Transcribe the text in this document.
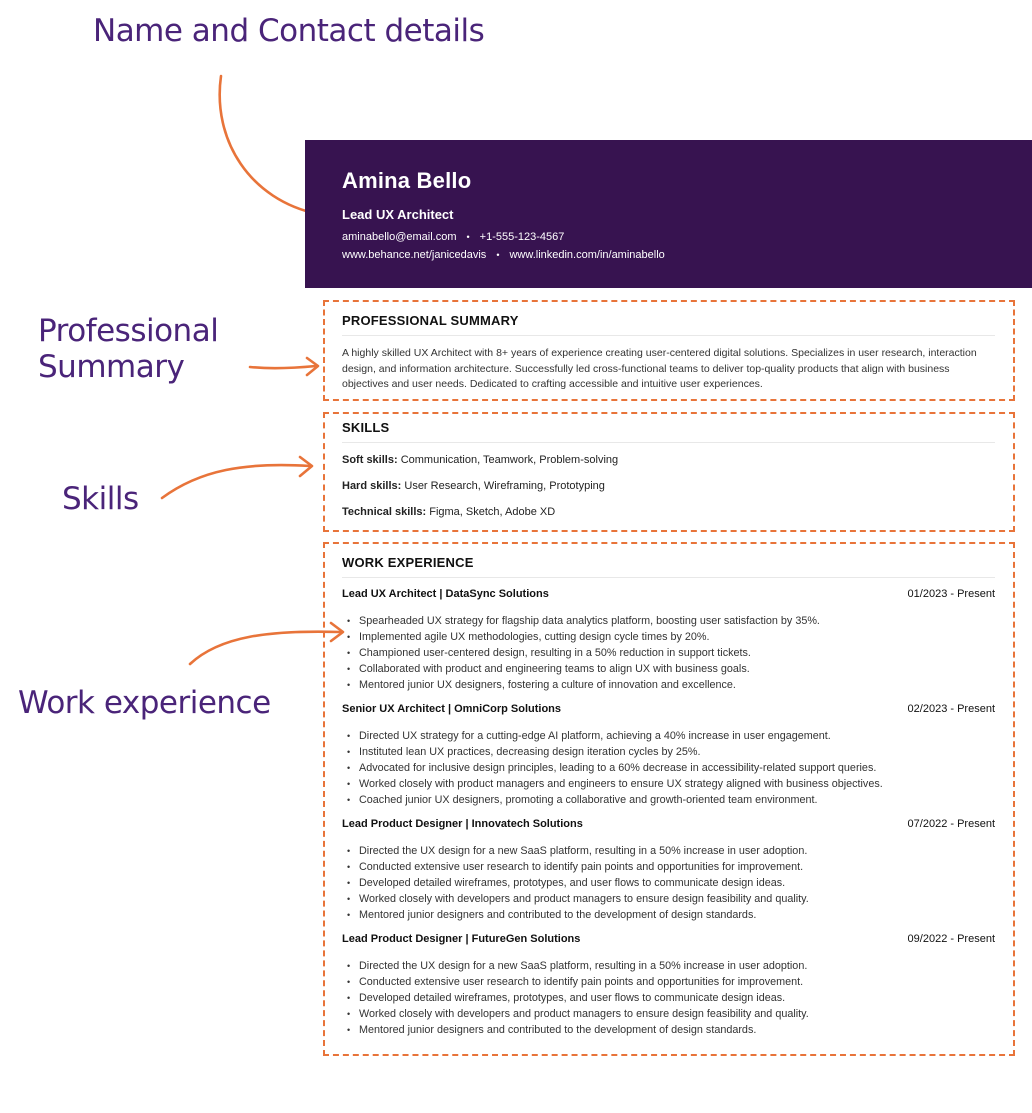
Name and Contact details
Professional
Summary
Skills
Work experience
Amina Bello
Lead UX Architect
aminabello@email.com • +1-555-123-4567
www.behance.net/janicedavis • www.linkedin.com/in/aminabello
PROFESSIONAL SUMMARY

A highly skilled UX Architect with 8+ years of experience creating user-centered digital solutions. Specializes in user research, interaction design, and information architecture. Successfully led cross-functional teams to deliver top-quality products that align with business objectives and user needs. Dedicated to crafting accessible and intuitive user experiences.

SKILLS
Soft skills: Communication, Teamwork, Problem-solving
Hard skills: User Research, Wireframing, Prototyping
Technical skills: Figma, Sketch, Adobe XD
WORK EXPERIENCE
Lead UX Architect | DataSync Solutions	01/2023 - Present
• Spearheaded UX strategy for flagship data analytics platform, boosting user satisfaction by 35%.
• Implemented agile UX methodologies, cutting design cycle times by 20%.
• Championed user-centered design, resulting in a 50% reduction in support tickets.
• Collaborated with product and engineering teams to align UX with business goals.
• Mentored junior UX designers, fostering a culture of innovation and excellence.
Senior UX Architect | OmniCorp Solutions	02/2023 - Present
• Directed UX strategy for a cutting-edge AI platform, achieving a 40% increase in user engagement.
• Instituted lean UX practices, decreasing design iteration cycles by 25%.
• Advocated for inclusive design principles, leading to a 60% decrease in accessibility-related support queries.
• Worked closely with product managers and engineers to ensure UX strategy aligned with business objectives.
• Coached junior UX designers, promoting a collaborative and growth-oriented team environment.
Lead Product Designer | Innovatech Solutions	07/2022 - Present
• Directed the UX design for a new SaaS platform, resulting in a 50% increase in user adoption.
• Conducted extensive user research to identify pain points and opportunities for improvement.
• Developed detailed wireframes, prototypes, and user flows to communicate design ideas.
• Worked closely with developers and product managers to ensure design feasibility and quality.
• Mentored junior designers and contributed to the development of design standards.
Lead Product Designer | FutureGen Solutions	09/2022 - Present
• Directed the UX design for a new SaaS platform, resulting in a 50% increase in user adoption.
• Conducted extensive user research to identify pain points and opportunities for improvement.
• Developed detailed wireframes, prototypes, and user flows to communicate design ideas.
• Worked closely with developers and product managers to ensure design feasibility and quality.
• Mentored junior designers and contributed to the development of design standards.
